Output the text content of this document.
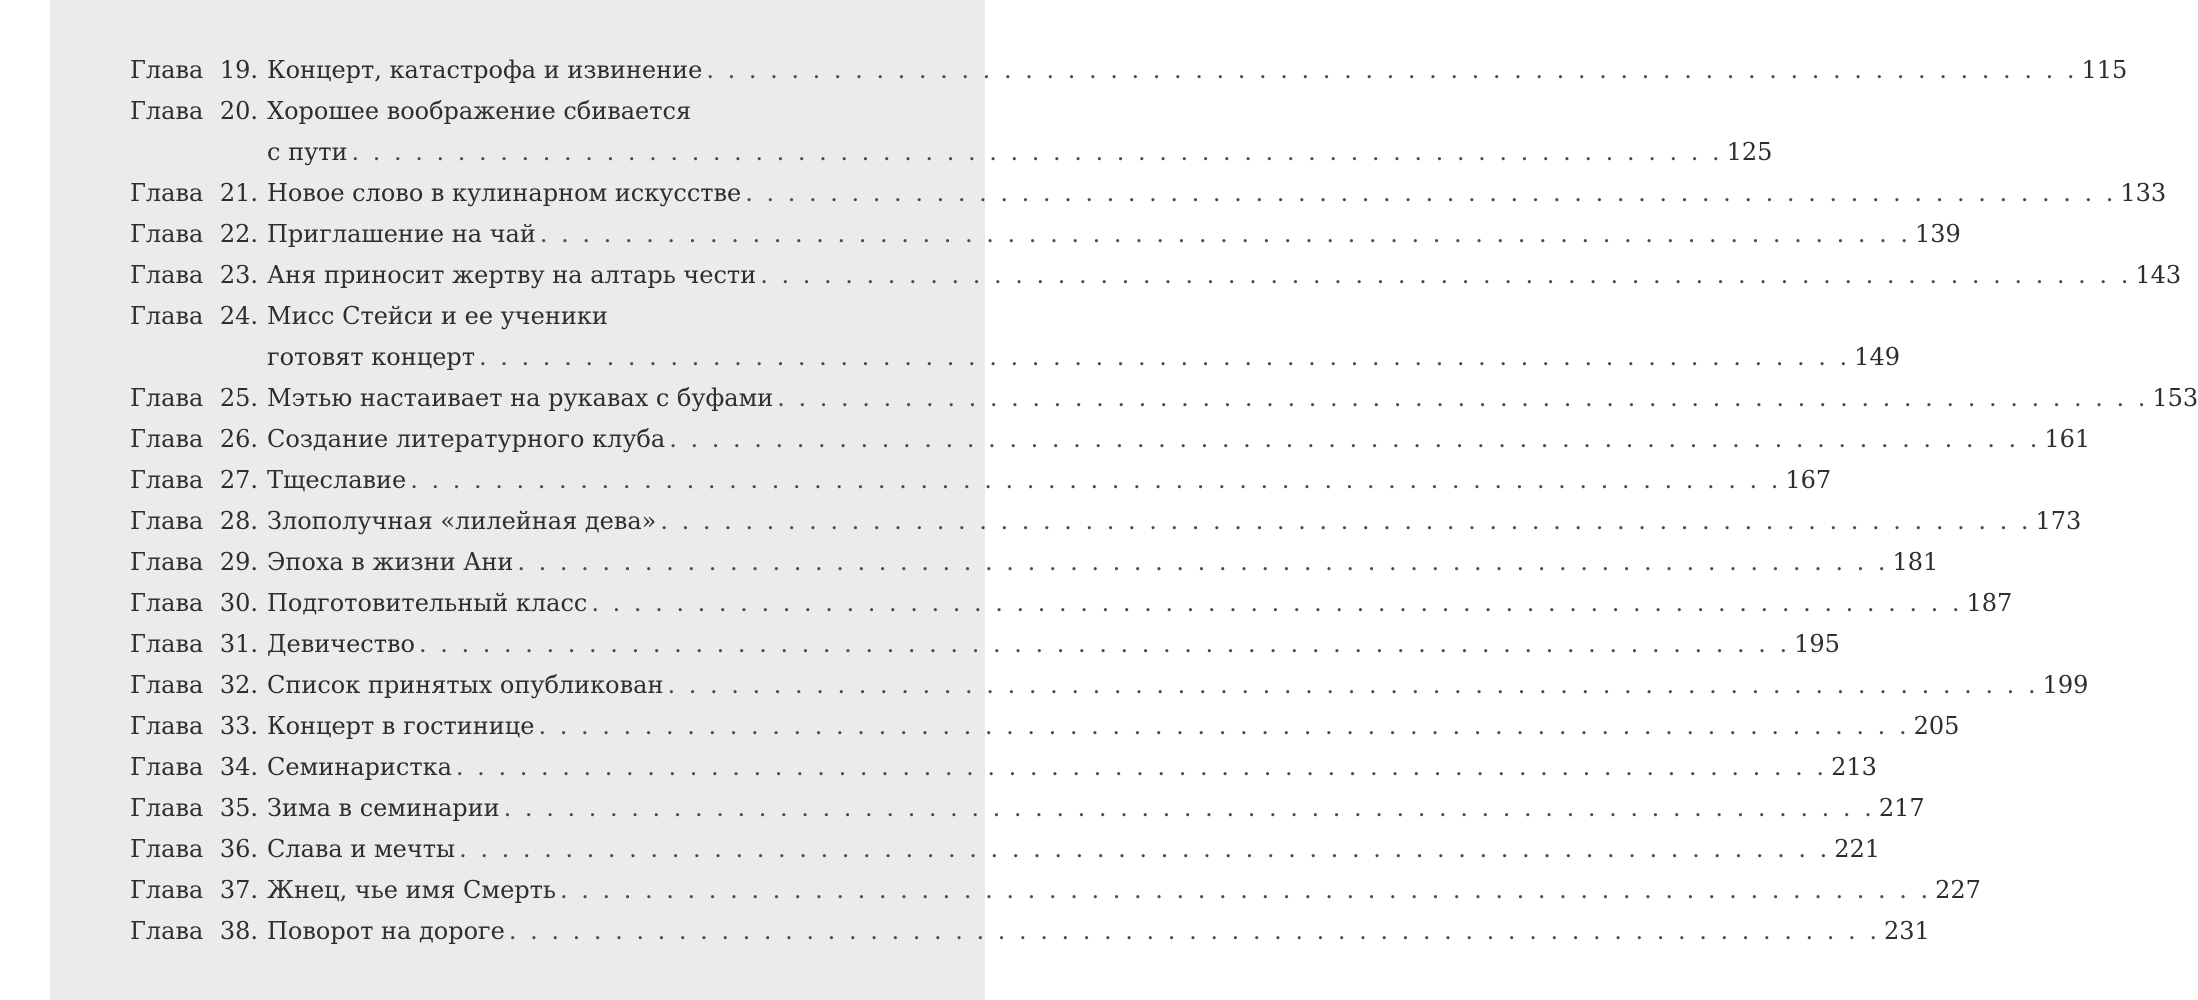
Глава 19. Концерт, катастрофа и извинение . . .	115
Глава 20. Хорошее воображение сбивается
с пути . . .	125
Глава 21. Новое слово в кулинарном искусстве . . .	133
Глава 22. Приглашение на чай . . .	139
Глава 23. Аня приносит жертву на алтарь чести . . .	143
Глава 24. Мисс Стейси и ее ученики
готовят концерт . . .	149
Глава 25. Мэтью настаивает на рукавах с буфами . . .	153
Глава 26. Создание литературного клуба . . .	161
Глава 27. Тщеславие . . .	167
Глава 28. Злополучная «лилейная дева» . . .	173
Глава 29. Эпоха в жизни Ани . . .	181
Глава 30. Подготовительный класс . . .	187
Глава 31. Девичество . . .	195
Глава 32. Список принятых опубликован . . .	199
Глава 33. Концерт в гостинице . . .	205
Глава 34. Семинаристка . . .	213
Глава 35. Зима в семинарии . . .	217
Глава 36. Слава и мечты . . .	221
Глава 37. Жнец, чье имя Смерть . . .	227
Глава 38. Поворот на дороге . . .	231
